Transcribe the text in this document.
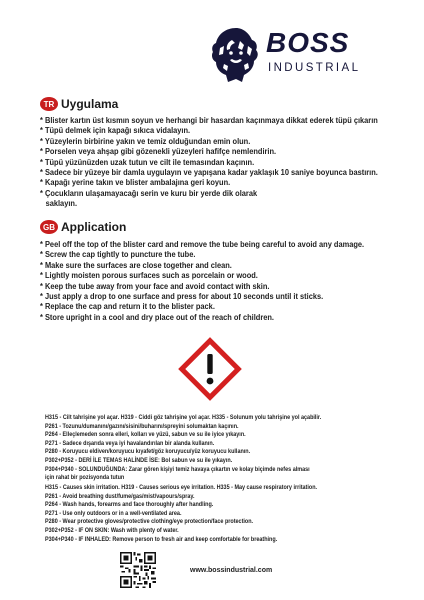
BOSS
INDUSTRIAL
TR Uygulama
* Blister kartın üst kısmın soyun ve herhangi bir hasardan kaçınmaya dikkat ederek tüpü çıkarın
* Tüpü delmek için kapağı sıkıca vidalayın.
* Yüzeylerin birbirine yakın ve temiz olduğundan emin olun.
* Porselen veya ahşap gibi gözenekli yüzeyleri hafifçe nemlendirin.
* Tüpü yüzünüzden uzak tutun ve cilt ile temasından kaçının.
* Sadece bir yüzeye bir damla uygulayın ve yapışana kadar yaklaşık 10 saniye boyunca bastırın.
* Kapağı yerine takın ve blister ambalajına geri koyun.
* Çocukların ulaşamayacağı serin ve kuru bir yerde dik olarak
saklayın.
GB Application
* Peel off the top of the blister card and remove the tube being careful to avoid any damage.
* Screw the cap tightly to puncture the tube.
* Make sure the surfaces are close together and clean.
* Lightly moisten porous surfaces such as porcelain or wood.
* Keep the tube away from your face and avoid contact with skin.
* Just apply a drop to one surface and press for about 10 seconds until it sticks.
* Replace the cap and return it to the blister pack.
* Store upright in a cool and dry place out of the reach of children.
H315 - Cilt tahrişine yol açar. H319 - Ciddi göz tahrişine yol açar. H335 - Solunum yolu tahrişine yol açabilir.
P261 - Tozunu/dumanını/gazını/sisini/buharını/spreyini solumaktan kaçının.
P264 - Elleçlemeden sonra elleri, kolları ve yüzü, sabun ve su ile iyice yıkayın.
P271 - Sadece dışarıda veya iyi havalandırılan bir alanda kullanın.
P280 - Koruyucu eldiven/koruyucu kıyafet/göz koruyucu/yüz koruyucu kullanın.
P302+P352 - DERİ İLE TEMAS HALİNDE İSE: Bol sabun ve su ile yıkayın.
P304+P340 - SOLUNDUĞUNDA: Zarar gören kişiyi temiz havaya çıkartın ve kolay biçimde nefes alması
için rahat bir pozisyonda tutun
H315 - Causes skin irritation. H319 - Causes serious eye irritation. H335 - May cause respiratory irritation.
P261 - Avoid breathing dust/fume/gas/mist/vapours/spray.
P264 - Wash hands, forearms and face thoroughly after handling.
P271 - Use only outdoors or in a well-ventilated area.
P280 - Wear protective gloves/protective clothing/eye protection/face protection.
P302+P352 - IF ON SKIN: Wash with plenty of water.
P304+P340 - IF INHALED: Remove person to fresh air and keep comfortable for breathing.
www.bossindustrial.com
